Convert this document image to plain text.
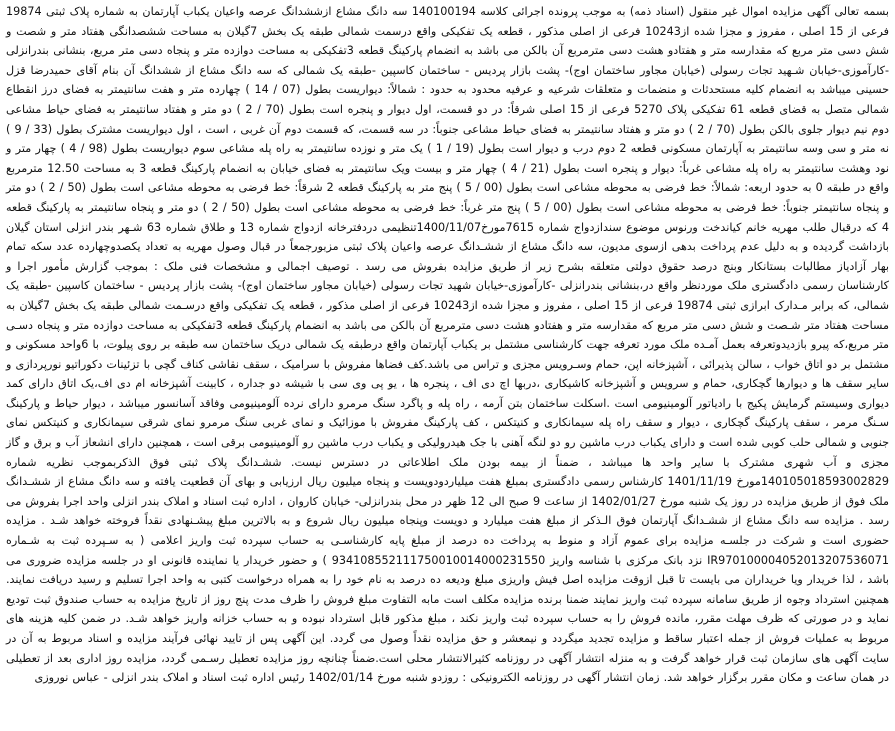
بسمه تعالی آگهی مزایده اموال غیر منقول (اسناد ذمه) به موجب پرونده اجرائی کلاسه 140100194 سه دانگ مشاع ازششدانگ عرصه واعیان یکباب آپارتمان به شماره پلاک ثبتی 19874 فرعی از 15 اصلی ، مفروز و مجزا شده از10243 فرعی از اصلی مذکور ، قطعه یک تفکیکی واقع درسمت شمالی طبقه یک بخش 7گیلان به مساحت ششصدانگی هفتاد متر و شصت و شش دسی متر مربع که مقدارسه متر و هفتادو هشت دسی مترمربع آن بالکن می باشد به انضمام پارکینگ قطعه 3تفکیکی به مساحت دوازده متر و پنجاه دسی متر مربع، بنشانی بندرانزلی -کارآموزی-خیابان شـهید تجات رسولی (خیابان مجاور ساختمان اوج)- پشت بازار پردیس - ساختمان کاسپین -طبقه یک شمالی که سه دانگ مشاع از ششدانگ آن بنام آقای حمیدرضا قزل حسینی میباشد به انضمام کلیه مستحدثات و منضمات و متعلقات شرعیه و عرفیه محدود به حدود : شمالاً: دیواریست بطول (07 / 14 ) چهارده متر و هفت سانتیمتر به فضای درز انقطاع شمالی متصل به قضای قطعه 61 تفکیکی پلاک 5270 فرعی از 15 اصلی شرقاً: در دو قسمت، اول دیوار و پنجره است بطول (70 / 2 ) دو متر و هفتاد سانتیمتر به فضای حیاط مشاعی دوم نیم دیوار جلوی بالکن بطول (70 / 2 ) دو متر و هفتاد سانتیمتر به فضای حیاط مشاعی جنوباً: در سه قسمت، که قسمت دوم آن غربی ، است ، اول دیواریست مشترک بطول (33 / 9 ) نه متر و سی وسه سانتیمتر به آپارتمان مسکونی قطعه 2 دوم درب و دیوار است بطول (19 / 1 ) یک متر و نوزده سانتیمتر به راه پله مشاعی سوم دیواریست بطول (98 / 4 ) چهار متر و نود وهشت سانتیمتر به راه پله مشاعی غرباً: دیوار و پنجره است بطول (21 / 4 ) چهار متر و بیست ویک سانتیمتر به فضای خیابان به انضمام پارکینگ قطعه 3 به مساحت 12.50 مترمربع واقع در طبقه 0 به حدود اربعه: شمالاً: خط فرضی به محوطه مشاعی است بطول (00 / 5 ) پنج متر به پارکینگ قطعه 2 شرقاً: خط فرضی به محوطه مشاعی است بطول (50 / 2 ) دو متر و پنجاه سانتیمتر جنوباً: خط فرضی به محوطه مشاعی است بطول (00 / 5 ) پنج متر غرباً: خط فرضی به محوطه مشاعی است بطول (50 / 2 ) دو متر و پنجاه سانتیمتر به پارکینگ قطعه 4 که درقبال طلب مهریه خانم کیاندخت ورنوس موضوع سندازدواج شماره 7615مورخ1400/11/07تنظیمی دردفترخانه ازدواج شماره 13 و طلاق شماره 63 شـهر بندر انزلی استان گیلان بازداشت گردیده و به دلیل عدم پرداخت بدهی ازسوی مدیون، سه دانگ مشاع از ششـدانگ عرصه واعیان پلاک ثبتی مزبورجمعاً در قبال وصول مهریه به تعداد یکصدوچهارده عدد سکه تمام بهار آزادیاز مطالبات بستانکار وبنج درصد حقوق دولتی متعلقه بشرح زیر از طریق مزایده بفروش می رسد . توصیف اجمالی و مشخصات فنی ملک : بموجب گزارش مأمور اجرا و کارشناسان رسمی دادگستری ملک موردنظر واقع در،بنشانی بندرانزلی -کارآموزی-خیابان شهید تجات رسولی (خیابان مجاور ساختمان اوج)- پشت بازار پردیس - ساختمان کاسپین -طبقه یک شمالی، که برابر مـدارک ابرازی ثبتی 19874 فرعی از 15 اصلی ، مفروز و مجزا شده از10243 فرعی از اصلی مذکور ، قطعه یک تفکیکی واقع درسـمت شمالی طبقه یک بخش 7گیلان به مساحت هفتاد متر شـصت و شش دسی متر مربع که مقدارسه متر و هفتادو هشت دسی مترمربع آن بالکن می باشد به انضمام پارکینگ قطعه 3تفکیکی به مساحت دوازده متر و پنجاه دسـی متر مربع،که پیرو بازدیدوتعرفه بعمل آمـده ملک مورد تعرفه جهت کارشناسی مشتمل بر یکباب آپارتمان واقع درطبقه یک شمالی دریک ساختمان سه طبقه بر روی پیلوت، با 6واحد مسکونی و مشتمل بر دو اتاق خواب ، سالن پذیرائی ، آشپزخانه اپن، حمام وسـرویس مجزی و تراس می باشد.کف فضاها مفروش با سرامیک ، سقف نقاشی کناف گچی با تزئینات دکوراتیو نورپردازی و سایر سقف ها و دیوارها گچکاری، حمام و سرویس و آشپزخانه کاشیکاری ،دربها اچ دی اف ، پنجره ها ، یو پی وی سی با شیشه دو جداره ، کابینت آشپزخانه ام دی اف،یک اتاق دارای کمد دیواری وسیستم گرمایش پکیج با رادیاتور آلومینیومی است .اسکلت ساختمان بتن آرمه ، راه پله و پاگرد سنگ مرمرو دارای نرده آلومینیومی وفاقد آسانسور میباشد ، دیوار حیاط و پارکینگ سـنگ مرمر ، سقف پارکینگ گچکاری ، دیوار و سقف راه پله سیمانکاری و کنیتکس ، کف پارکینگ مفروش با موزائیک و نمای غربی سنگ مرمرو نمای شرقی سیمانکاری و کنیتکس نمای جنوبی و شمالی حلب کوبی شده است و دارای یکباب درب ماشین رو دو لنگه آهنی با جک هیدرولیکی و یکباب درب ماشین رو آلومینیومی برقی است ، همچنین دارای انشعاز آب و برق و گاز مجزی و آب شهری مشترک با سایر واحد ها میباشد ، ضمناً از بیمه بودن ملک اطلاعاتی در دسترس نیست. ششـدانگ پلاک ثبتی فوق الذکربموجب نظریه شماره 140105018593002829مورخ 1401/11/19 کارشناس رسمی دادگستری بمبلغ هفت میلیاردودویست و پنجاه میلیون ریال ارزیابی و بهای آن قطعیت یافته و سه دانگ مشاع از ششـدانگ ملک فوق از طریق مزایده در روز یک شنبه مورخ 1402/01/27 از ساعت 9 صبح الی 12 ظهر در محل بندرانزلی- خیابان کاروان ، اداره ثبت اسناد و املاک بندر انزلی واحد اجرا بفروش می رسد . مزایده سه دانگ مشاع از ششـدانگ آپارتمان فوق الـذکر از مبلغ هفت میلیارد و دویست وپنجاه میلیون ریال شروع و به بالاترین مبلغ پیشـنهادی نقداً فروخته خواهد شـد . مزایده حضوری است و شرکت در جلسـه مزایده برای عموم آزاد و منوط به پرداخت ده درصد از مبلغ پایه کارشناسـی به حساب سپرده ثبت واریز اعلامی ( به سـپرده ثبت به شـماره IR970100004052013207536071 نزد بانک مرکزی با شناسه واریز 934108552111750010014000231550 ) و حضور خریدار یا نماینده قانونی او در جلسه مزایده ضروری می باشد ، لذا خریدار ویا خریداران می بایست تا قبل ازوقت مزایده اصل فیش واریزی مبلغ ودیعه ده درصد به نام خود را به همراه درخواست کتبی به واحد اجرا تسلیم و رسید دریافت نمایند. همچنین استرداد وجوه از طریق سامانه سپرده ثبت واریز نمایند ضمنا برنده مزایده مکلف است مابه التفاوت مبلغ فروش را ظرف مدت پنج روز از تاریخ مزایده به حساب صندوق ثبت تودیع نماید و در صورتی که ظرف مهلت مقرر، مانده فروش را به حساب سپرده ثبت واریز نکند ، مبلغ مذکور قابل استرداد نبوده و به حساب خزانه واریز خواهد شـد. در ضمن کلیه هزینه های مربوط به عملیات فروش از جمله اعتبار ساقط و مزایده تجدید میگردد و نیمعشر و حق مزایده نقداً وصول می گردد. این آگهی پس از تایید نهائی فرآیند مزایده و اسناد مربوط به آن در سایت آگهی های سازمان ثبت قرار خواهد گرفت و به منزله انتشار آگهی در روزنامه کثیرالانتشار محلی است.ضمناً چنانچه روز مزایده تعطیل رسـمی گردد، مزایده روز اداری بعد از تعطیلی در همان ساعت و مکان مقرر برگزار خواهد شد. زمان انتشار آگهی در روزنامه الکترونیکی : روزدو شنبه مورخ 1402/01/14 رئیس اداره ثبت اسناد و املاک بندر انزلی - عباس نوروزی
